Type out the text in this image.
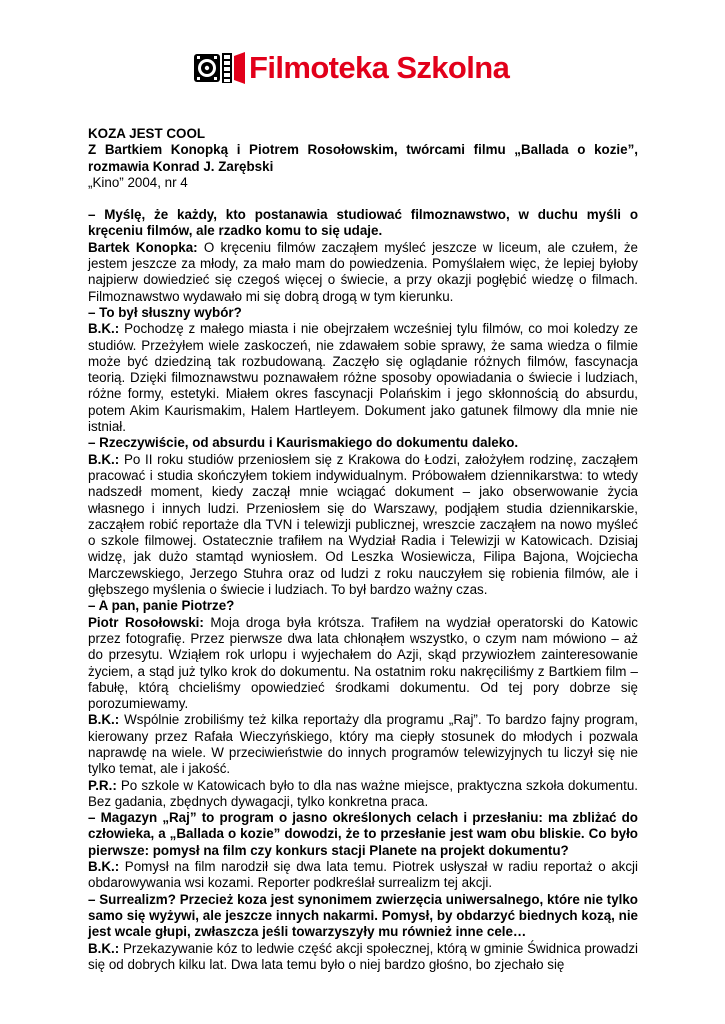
Filmoteka Szkolna

KOZA JEST COOL

Z Bartkiem Konopką i Piotrem Rosołowskim, twórcami filmu „Ballada o kozie”, rozmawia Konrad J. Zarębski

„Kino” 2004, nr 4

– Myślę, że każdy, kto postanawia studiować filmoznawstwo, w duchu myśli o kręceniu filmów, ale rzadko komu to się udaje.

Bartek Konopka: O kręceniu filmów zacząłem myśleć jeszcze w liceum, ale czułem, że jestem jeszcze za młody, za mało mam do powiedzenia. Pomyślałem więc, że lepiej byłoby najpierw dowiedzieć się czegoś więcej o świecie, a przy okazji pogłębić wiedzę o filmach. Filmoznawstwo wydawało mi się dobrą drogą w tym kierunku.

– To był słuszny wybór?

B.K.: Pochodzę z małego miasta i nie obejrzałem wcześniej tylu filmów, co moi koledzy ze studiów. Przeżyłem wiele zaskoczeń, nie zdawałem sobie sprawy, że sama wiedza o filmie może być dziedziną tak rozbudowaną. Zaczęło się oglądanie różnych filmów, fascynacja teorią. Dzięki filmoznawstwu poznawałem różne sposoby opowiadania o świecie i ludziach, różne formy, estetyki. Miałem okres fascynacji Polańskim i jego skłonnością do absurdu, potem Akim Kaurismakim, Halem Hartleyem. Dokument jako gatunek filmowy dla mnie nie istniał.

– Rzeczywiście, od absurdu i Kaurismakiego do dokumentu daleko.

B.K.: Po II roku studiów przeniosłem się z Krakowa do Łodzi, założyłem rodzinę, zacząłem pracować i studia skończyłem tokiem indywidualnym. Próbowałem dziennikarstwa: to wtedy nadszedł moment, kiedy zaczął mnie wciągać dokument – jako obserwowanie życia własnego i innych ludzi. Przeniosłem się do Warszawy, podjąłem studia dziennikarskie, zacząłem robić reportaże dla TVN i telewizji publicznej, wreszcie zacząłem na nowo myśleć o szkole filmowej. Ostatecznie trafiłem na Wydział Radia i Telewizji w Katowicach. Dzisiaj widzę, jak dużo stamtąd wyniosłem. Od Leszka Wosiewicza, Filipa Bajona, Wojciecha Marczewskiego, Jerzego Stuhra oraz od ludzi z roku nauczyłem się robienia filmów, ale i głębszego myślenia o świecie i ludziach. To był bardzo ważny czas.

– A pan, panie Piotrze?

Piotr Rosołowski: Moja droga była krótsza. Trafiłem na wydział operatorski do Katowic przez fotografię. Przez pierwsze dwa lata chłonąłem wszystko, o czym nam mówiono – aż do przesytu. Wziąłem rok urlopu i wyjechałem do Azji, skąd przywiozłem zainteresowanie życiem, a stąd już tylko krok do dokumentu. Na ostatnim roku nakręciliśmy z Bartkiem film – fabułę, którą chcieliśmy opowiedzieć środkami dokumentu. Od tej pory dobrze się porozumiewamy.

B.K.: Wspólnie zrobiliśmy też kilka reportaży dla programu „Raj”. To bardzo fajny program, kierowany przez Rafała Wieczyńskiego, który ma ciepły stosunek do młodych i pozwala naprawdę na wiele. W przeciwieństwie do innych programów telewizyjnych tu liczył się nie tylko temat, ale i jakość.

P.R.: Po szkole w Katowicach było to dla nas ważne miejsce, praktyczna szkoła dokumentu. Bez gadania, zbędnych dywagacji, tylko konkretna praca.

– Magazyn „Raj” to program o jasno określonych celach i przesłaniu: ma zbliżać do człowieka, a „Ballada o kozie” dowodzi, że to przesłanie jest wam obu bliskie. Co było pierwsze: pomysł na film czy konkurs stacji Planete na projekt dokumentu?

B.K.: Pomysł na film narodził się dwa lata temu. Piotrek usłyszał w radiu reportaż o akcji obdarowywania wsi kozami. Reporter podkreślał surrealizm tej akcji.

– Surrealizm? Przecież koza jest synonimem zwierzęcia uniwersalnego, które nie tylko samo się wyżywi, ale jeszcze innych nakarmi. Pomysł, by obdarzyć biednych kozą, nie jest wcale głupi, zwłaszcza jeśli towarzyszyły mu również inne cele…

B.K.: Przekazywanie kóz to ledwie część akcji społecznej, którą w gminie Świdnica prowadzi się od dobrych kilku lat. Dwa lata temu było o niej bardzo głośno, bo zjechało się
